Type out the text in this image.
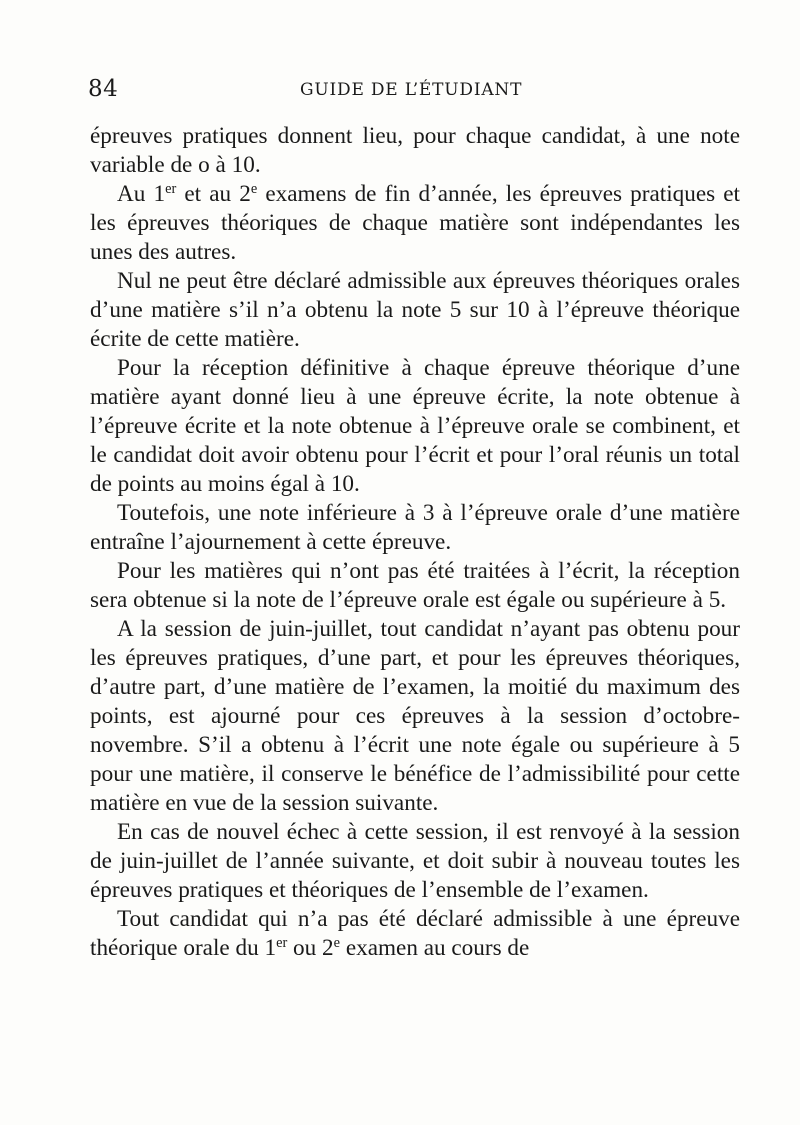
84	GUIDE DE L’ÉTUDIANT

épreuves pratiques donnent lieu, pour chaque candidat, à une note variable de o à 10.

Au 1er et au 2e examens de fin d’année, les épreuves pratiques et les épreuves théoriques de chaque matière sont indépendantes les unes des autres.

Nul ne peut être déclaré admissible aux épreuves théoriques orales d’une matière s’il n’a obtenu la note 5 sur 10 à l’épreuve théorique écrite de cette matière.

Pour la réception définitive à chaque épreuve théorique d’une matière ayant donné lieu à une épreuve écrite, la note obtenue à l’épreuve écrite et la note obtenue à l’épreuve orale se combinent, et le candidat doit avoir obtenu pour l’écrit et pour l’oral réunis un total de points au moins égal à 10.

Toutefois, une note inférieure à 3 à l’épreuve orale d’une matière entraîne l’ajournement à cette épreuve.

Pour les matières qui n’ont pas été traitées à l’écrit, la réception sera obtenue si la note de l’épreuve orale est égale ou supérieure à 5.

A la session de juin-juillet, tout candidat n’ayant pas obtenu pour les épreuves pratiques, d’une part, et pour les épreuves théoriques, d’autre part, d’une matière de l’examen, la moitié du maximum des points, est ajourné pour ces épreuves à la session d’octobre-novembre. S’il a obtenu à l’écrit une note égale ou supérieure à 5 pour une matière, il conserve le bénéfice de l’admissibilité pour cette matière en vue de la session suivante.

En cas de nouvel échec à cette session, il est renvoyé à la session de juin-juillet de l’année suivante, et doit subir à nouveau toutes les épreuves pratiques et théoriques de l’ensemble de l’examen.

Tout candidat qui n’a pas été déclaré admissible à une épreuve théorique orale du 1er ou 2e examen au cours de
